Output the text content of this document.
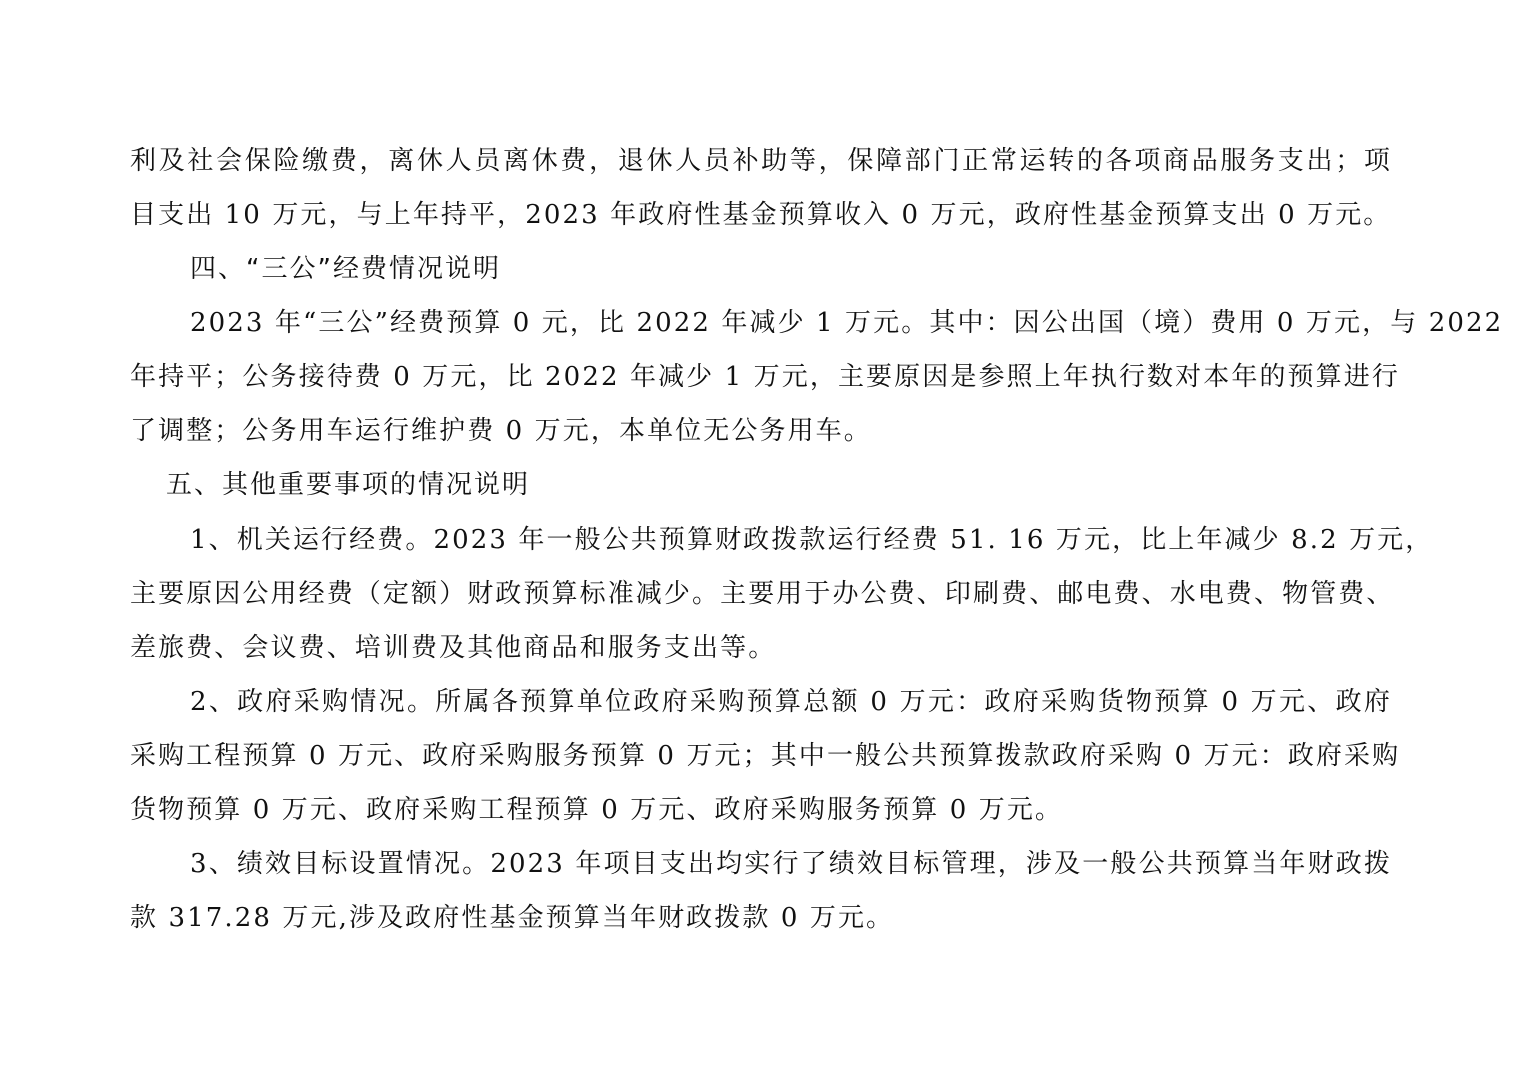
利及社会保险缴费，离休人员离休费，退休人员补助等，保障部门正常运转的各项商品服务支出；项
目支出 10 万元，与上年持平，2023 年政府性基金预算收入 0 万元，政府性基金预算支出 0 万元。
四、“三公”经费情况说明
2023 年“三公”经费预算 0 元，比 2022 年减少 1 万元。其中：因公出国（境）费用 0 万元，与 2022
年持平；公务接待费 0 万元，比 2022 年减少 1 万元，主要原因是参照上年执行数对本年的预算进行
了调整；公务用车运行维护费 0 万元，本单位无公务用车。
五、其他重要事项的情况说明
1、机关运行经费。2023 年一般公共预算财政拨款运行经费 51. 16 万元，比上年减少 8.2 万元，
主要原因公用经费（定额）财政预算标准减少。主要用于办公费、印刷费、邮电费、水电费、物管费、
差旅费、会议费、培训费及其他商品和服务支出等。
2、政府采购情况。所属各预算单位政府采购预算总额 0 万元：政府采购货物预算 0 万元、政府
采购工程预算 0 万元、政府采购服务预算 0 万元；其中一般公共预算拨款政府采购 0 万元：政府采购
货物预算 0 万元、政府采购工程预算 0 万元、政府采购服务预算 0 万元。
3、绩效目标设置情况。2023 年项目支出均实行了绩效目标管理，涉及一般公共预算当年财政拨
款 317.28 万元,涉及政府性基金预算当年财政拨款 0 万元。
